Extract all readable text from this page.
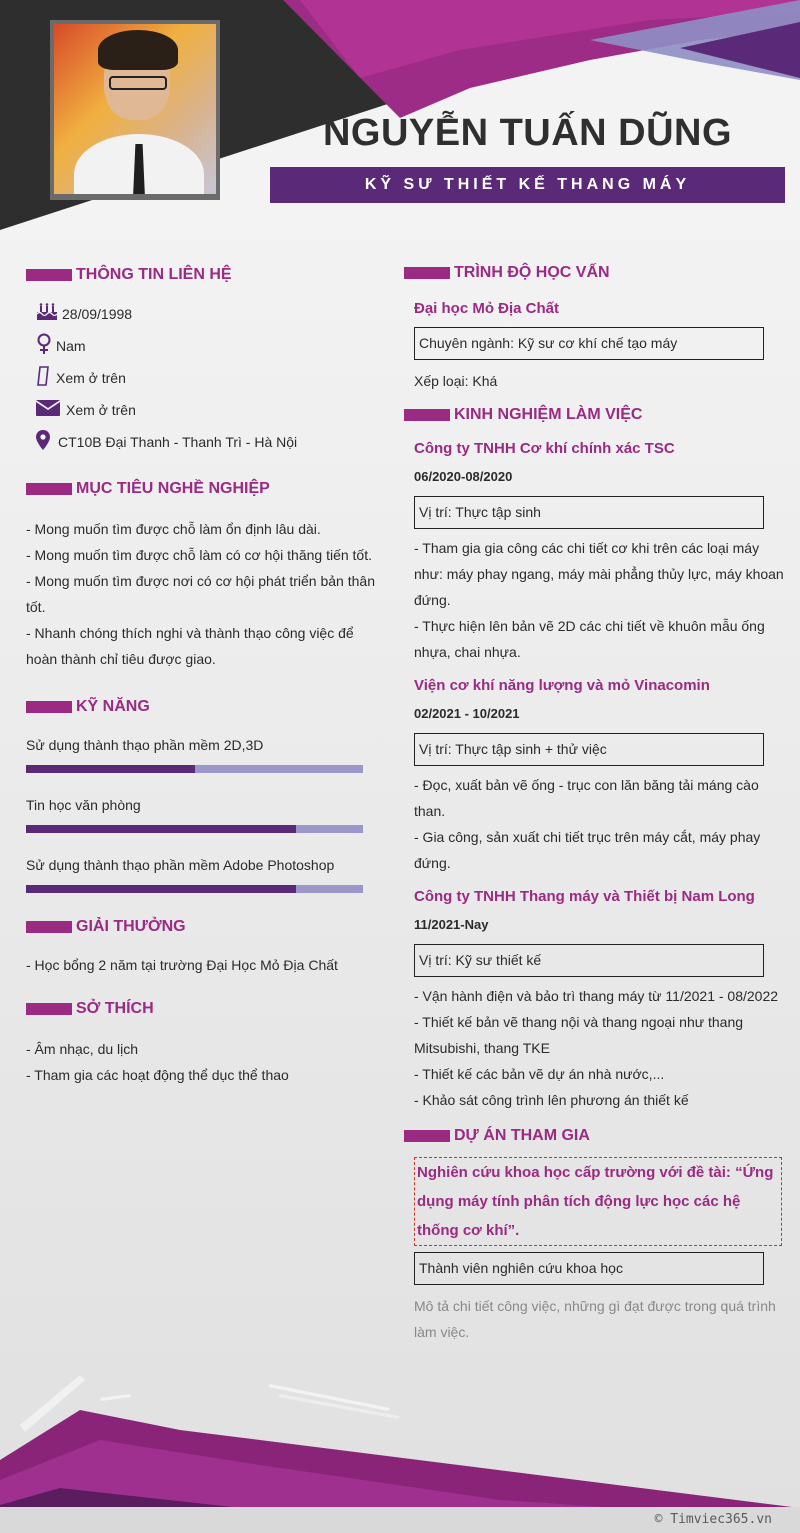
NGUYỄN TUẤN DŨNG
KỸ SƯ THIẾT KẾ THANG MÁY
THÔNG TIN LIÊN HỆ
28/09/1998
Nam
Xem ở trên
Xem ở trên
CT10B Đại Thanh - Thanh Trì - Hà Nội
MỤC TIÊU NGHỀ NGHIỆP
- Mong muốn tìm được chỗ làm ổn định lâu dài.
- Mong muốn tìm được chỗ làm có cơ hội thăng tiến tốt.
- Mong muốn tìm được nơi có cơ hội phát triển bản thân tốt.
- Nhanh chóng thích nghi và thành thạo công việc để hoàn thành chỉ tiêu được giao.
KỸ NĂNG
Sử dụng thành thạo phần mềm 2D,3D
Tin học văn phòng
Sử dụng thành thạo phần mềm Adobe Photoshop
GIẢI THƯỞNG
- Học bổng 2 năm tại trường Đại Học Mỏ Địa Chất
SỞ THÍCH
- Âm nhạc, du lịch
- Tham gia các hoạt động thể dục thể thao
TRÌNH ĐỘ HỌC VẤN
Đại học Mỏ Địa Chất
Chuyên ngành: Kỹ sư cơ khí chế tạo máy
Xếp loại: Khá
KINH NGHIỆM LÀM VIỆC
Công ty TNHH Cơ khí chính xác TSC
06/2020-08/2020
Vị trí: Thực tập sinh
- Tham gia gia công các chi tiết cơ khi trên các loại máy như: máy phay ngang, máy mài phẳng thủy lực, máy khoan đứng.
- Thực hiện lên bản vẽ 2D các chi tiết về khuôn mẫu ống nhựa, chai nhựa.
Viện cơ khí năng lượng và mỏ Vinacomin
02/2021 - 10/2021
Vị trí: Thực tập sinh + thử việc
- Đọc, xuất bản vẽ ống - trục con lăn băng tải máng cào than.
- Gia công, sản xuất chi tiết trục trên máy cắt, máy phay đứng.
Công ty TNHH Thang máy và Thiết bị Nam Long
11/2021-Nay
Vị trí: Kỹ sư thiết kế
- Vận hành điện và bảo trì thang máy từ 11/2021 - 08/2022
- Thiết kế bản vẽ thang nội và thang ngoại như thang Mitsubishi, thang TKE
- Thiết kế các bản vẽ dự án nhà nước,...
- Khảo sát công trình lên phương án thiết kế
DỰ ÁN THAM GIA
Nghiên cứu khoa học cấp trường với đề tài: “Ứng dụng máy tính phân tích động lực học các hệ thống cơ khí”.
Thành viên nghiên cứu khoa học
Mô tả chi tiết công việc, những gì đạt được trong quá trình làm việc.
© Timviec365.vn
